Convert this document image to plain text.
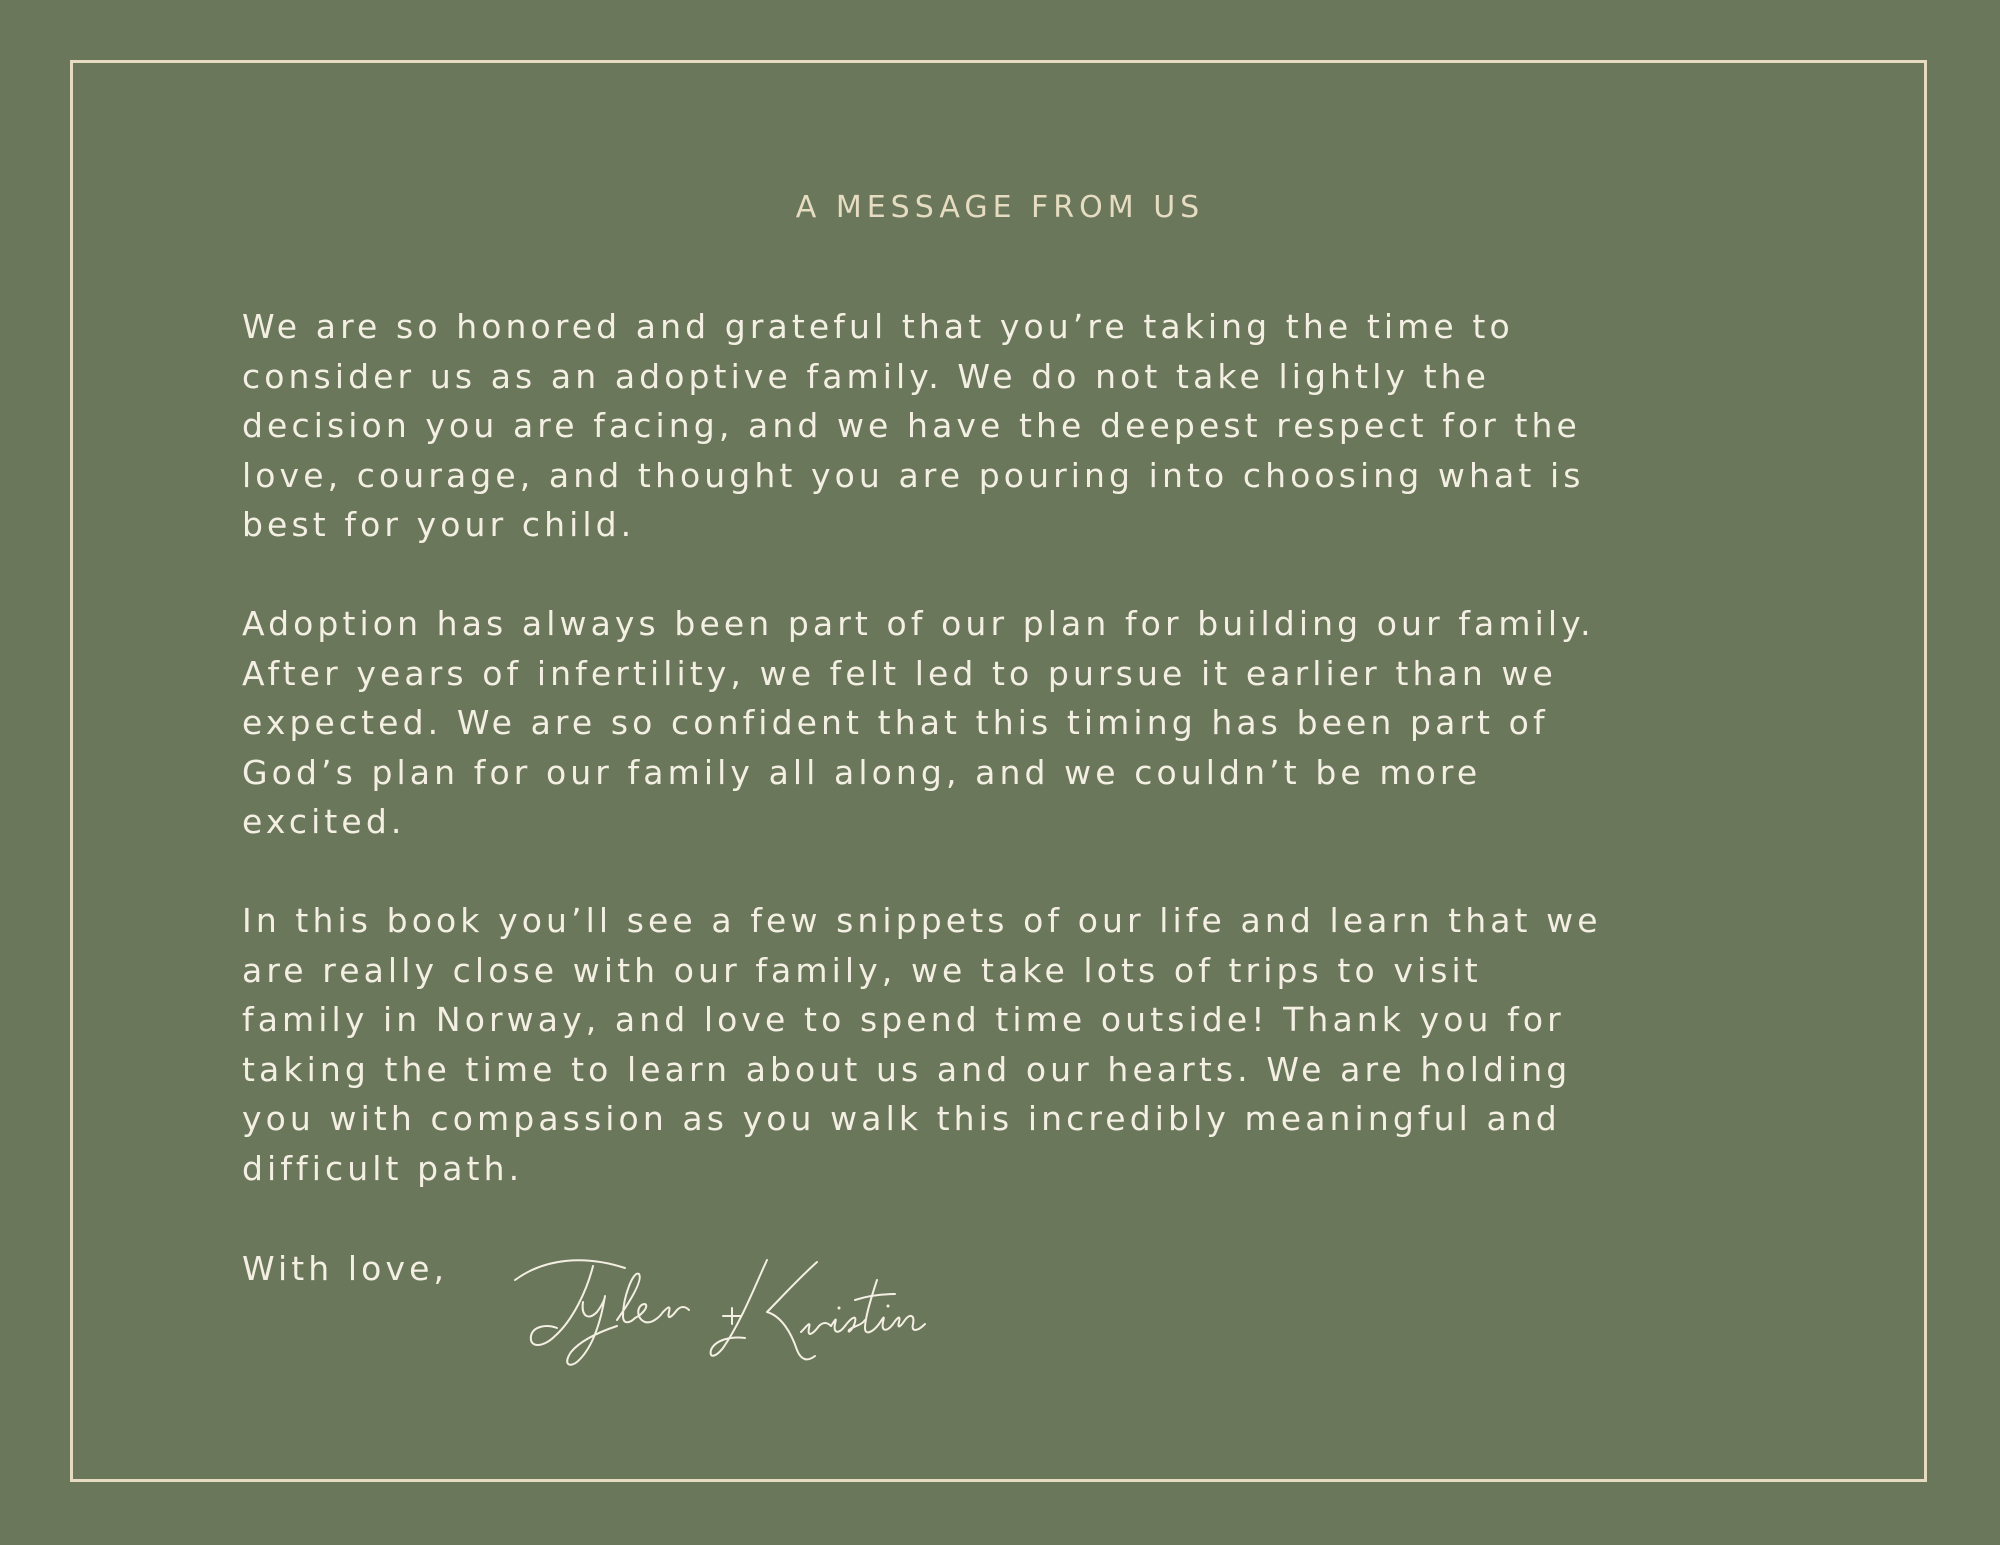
A MESSAGE FROM US

We are so honored and grateful that you’re taking the time to
consider us as an adoptive family. We do not take lightly the
decision you are facing, and we have the deepest respect for the
love, courage, and thought you are pouring into choosing what is
best for your child.

Adoption has always been part of our plan for building our family.
After years of infertility, we felt led to pursue it earlier than we
expected. We are so confident that this timing has been part of
God’s plan for our family all along, and we couldn’t be more
excited.

In this book you’ll see a few snippets of our life and learn that we
are really close with our family, we take lots of trips to visit
family in Norway, and love to spend time outside! Thank you for
taking the time to learn about us and our hearts. We are holding
you with compassion as you walk this incredibly meaningful and
difficult path.

With love,
